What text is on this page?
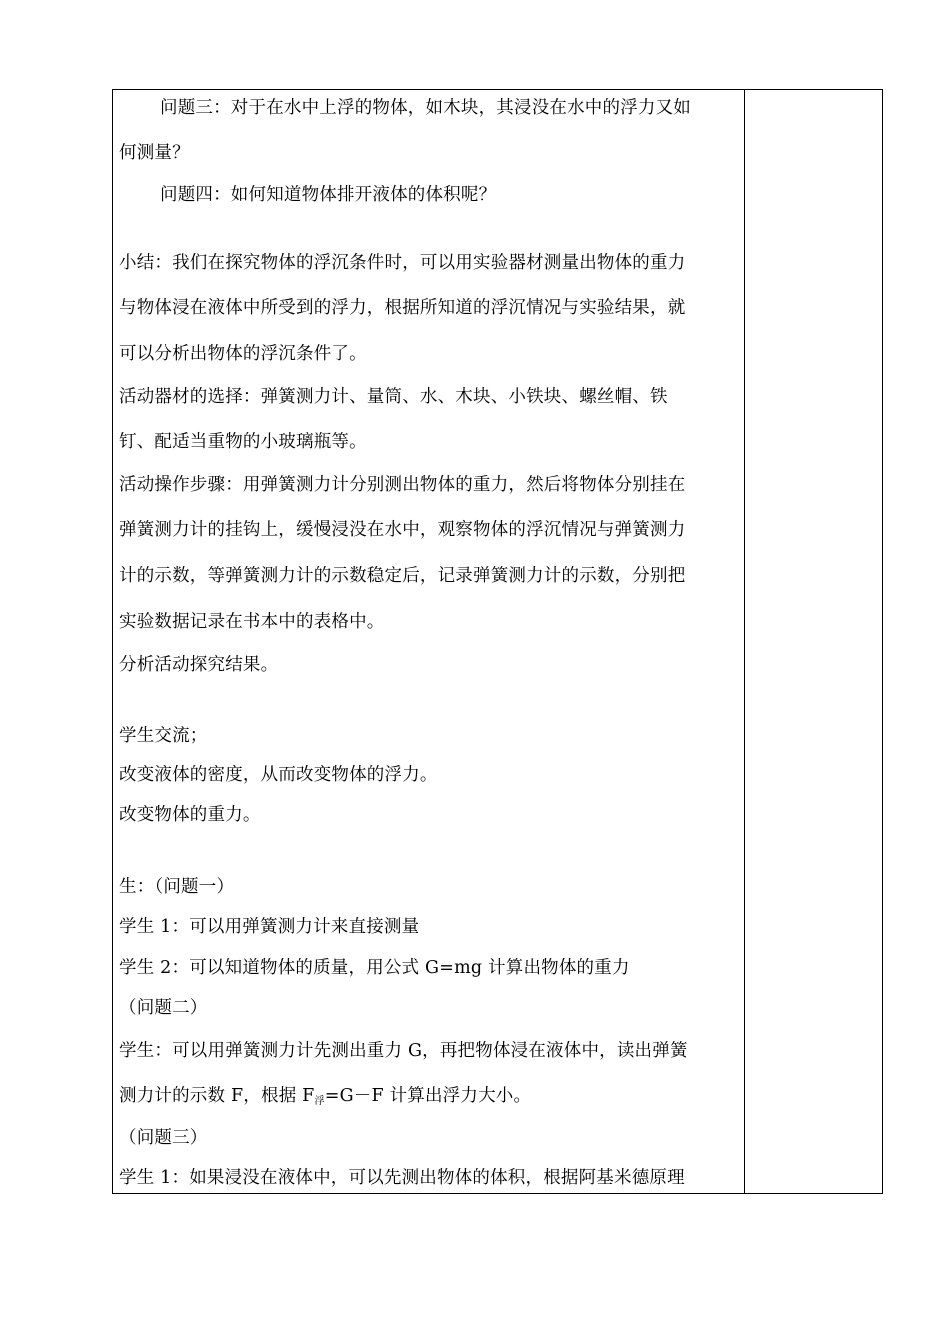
问题三：对于在水中上浮的物体，如木块，其浸没在水中的浮力又如
何测量？
问题四：如何知道物体排开液体的体积呢？
小结：我们在探究物体的浮沉条件时，可以用实验器材测量出物体的重力
与物体浸在液体中所受到的浮力，根据所知道的浮沉情况与实验结果，就
可以分析出物体的浮沉条件了。
活动器材的选择：弹簧测力计、量筒、水、木块、小铁块、螺丝帽、铁
钉、配适当重物的小玻璃瓶等。
活动操作步骤：用弹簧测力计分别测出物体的重力，然后将物体分别挂在
弹簧测力计的挂钩上，缓慢浸没在水中，观察物体的浮沉情况与弹簧测力
计的示数，等弹簧测力计的示数稳定后，记录弹簧测力计的示数，分别把
实验数据记录在书本中的表格中。
分析活动探究结果。
学生交流；
改变液体的密度，从而改变物体的浮力。
改变物体的重力。
生：（问题一）
学生 1：可以用弹簧测力计来直接测量
学生 2：可以知道物体的质量，用公式 G=mg 计算出物体的重力
（问题二）
学生：可以用弹簧测力计先测出重力 G，再把物体浸在液体中，读出弹簧
测力计的示数 F，根据 $F_浮=G-F$ 计算出浮力大小。
（问题三）
学生 1：如果浸没在液体中，可以先测出物体的体积，根据阿基米德原理
